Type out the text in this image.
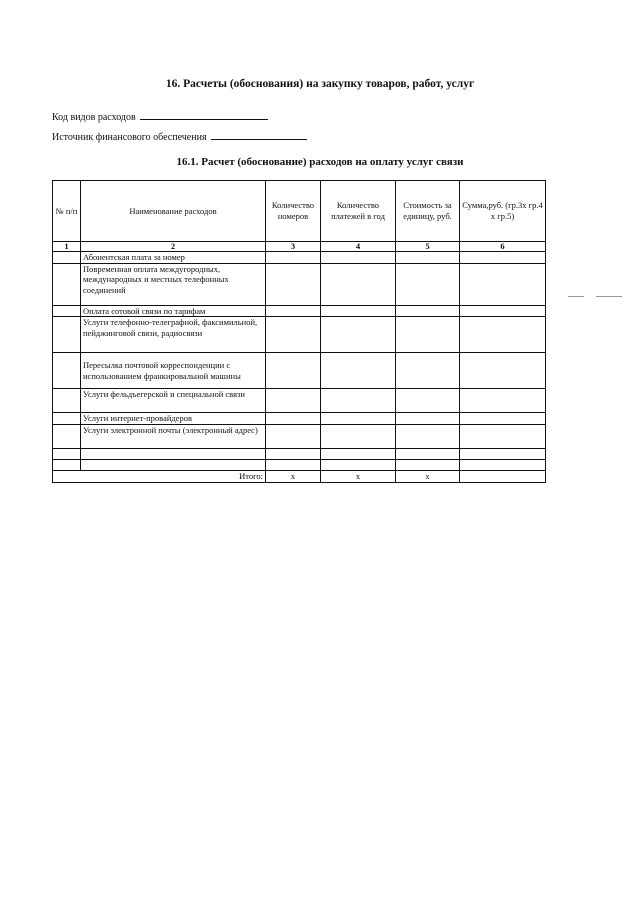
16. Расчеты (обоснования) на закупку товаров, работ, услуг
Код видов расходов
Источник финансового обеспечения
16.1. Расчет (обоснование) расходов на оплату услуг связи
№ п/п	Наименование расходов	Количество номеров	Количество платежей в год	Стоимость за единицу, руб.	Сумма,руб. (гр.3х гр.4 х гр.5)
1	2	3	4	5	6
	Абонентская плата за номер				
	Повременная оплата междугородных, международных и местных телефонных соединений				
	Оплата сотовой связи по тарифам				
	Услуги телефонно-телеграфной, факсимильной, пейджинговой связи, радиосвязи				
	Пересылка почтовой корреспонденции с использованием франкировальной машины				
	Услуги фельдъегерской и специальной связи				
	Услуги интернет-провайдеров				
	Услуги электронной почты (электронный адрес)				

Итого:		x	x	x	
